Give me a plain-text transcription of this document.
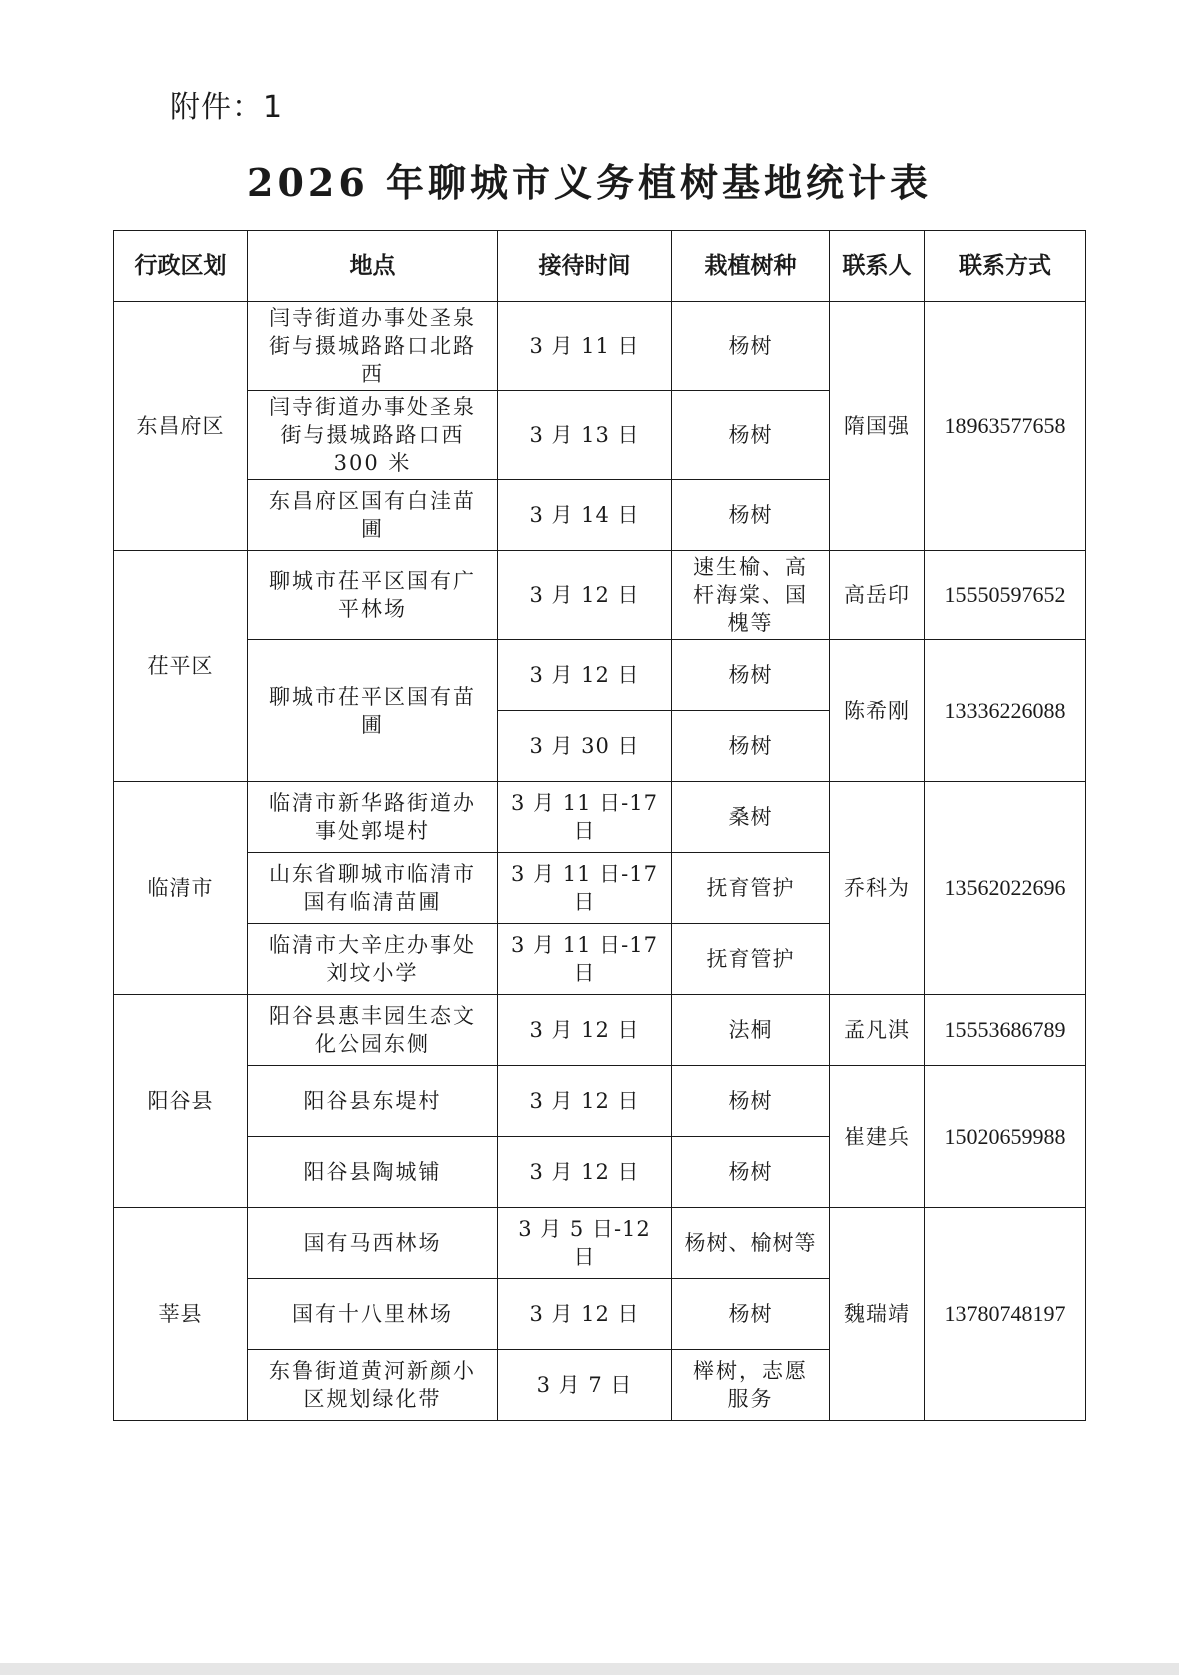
附件：1
2026 年聊城市义务植树基地统计表
行政区划	地点	接待时间	栽植树种	联系人	联系方式
东昌府区	闫寺街道办事处圣泉街与摄城路路口北路西	3 月 11 日	杨树	隋国强	18963577658
	闫寺街道办事处圣泉街与摄城路路口西 300 米	3 月 13 日	杨树		
	东昌府区国有白洼苗圃	3 月 14 日	杨树		
茌平区	聊城市茌平区国有广平林场	3 月 12 日	速生榆、高杆海棠、国槐等	高岳印	15550597652
	聊城市茌平区国有苗圃	3 月 12 日	杨树	陈希刚	13336226088
		3 月 30 日	杨树		
临清市	临清市新华路街道办事处郭堤村	3 月 11 日-17 日	桑树	乔科为	13562022696
	山东省聊城市临清市国有临清苗圃	3 月 11 日-17 日	抚育管护		
	临清市大辛庄办事处刘坟小学	3 月 11 日-17 日	抚育管护		
阳谷县	阳谷县惠丰园生态文化公园东侧	3 月 12 日	法桐	孟凡淇	15553686789
	阳谷县东堤村	3 月 12 日	杨树	崔建兵	15020659988
	阳谷县陶城铺	3 月 12 日	杨树		
莘县	国有马西林场	3 月 5 日-12 日	杨树、榆树等	魏瑞靖	13780748197
	国有十八里林场	3 月 12 日	杨树		
	东鲁街道黄河新颜小区规划绿化带	3 月 7 日	榉树，志愿服务		
